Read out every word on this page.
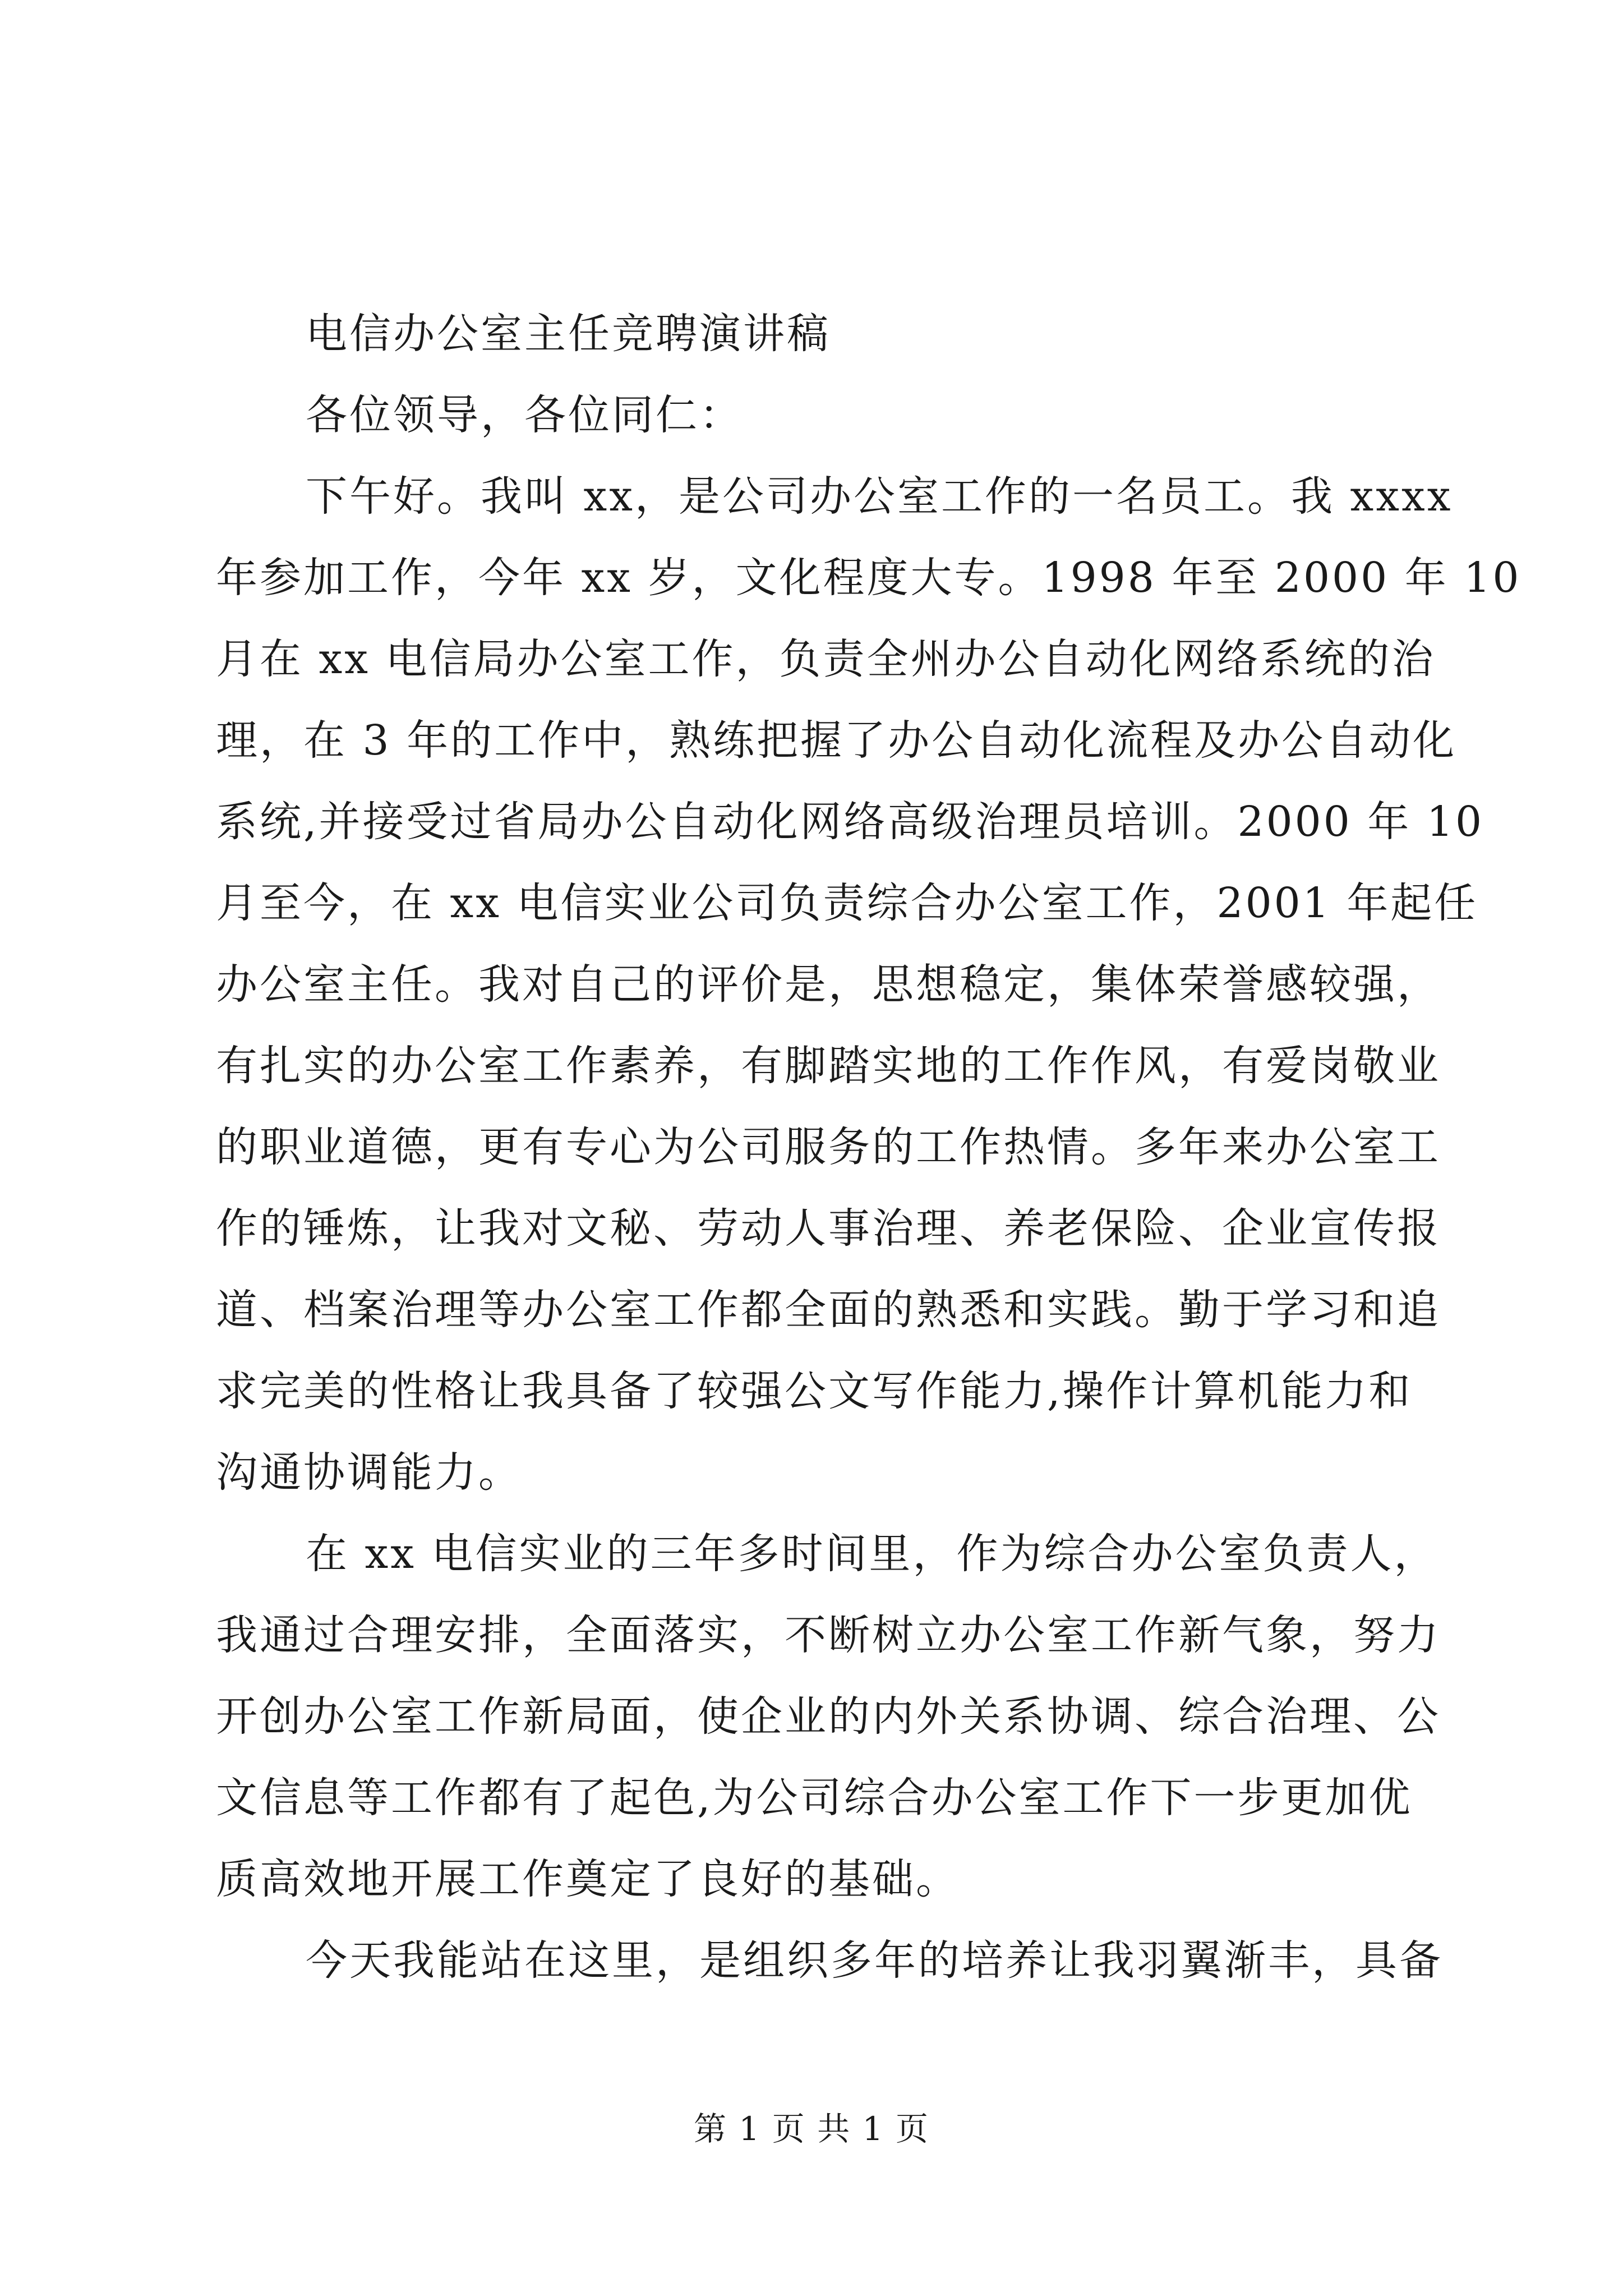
电信办公室主任竞聘演讲稿
各位领导，各位同仁：
下午好。我叫 xx，是公司办公室工作的一名员工。我 xxxx
年参加工作，今年 xx 岁，文化程度大专。1998 年至 2000 年 10
月在 xx 电信局办公室工作，负责全州办公自动化网络系统的治
理，在 3 年的工作中，熟练把握了办公自动化流程及办公自动化
系统,并接受过省局办公自动化网络高级治理员培训。2000 年 10
月至今，在 xx 电信实业公司负责综合办公室工作，2001 年起任
办公室主任。我对自己的评价是，思想稳定，集体荣誉感较强，
有扎实的办公室工作素养，有脚踏实地的工作作风，有爱岗敬业
的职业道德，更有专心为公司服务的工作热情。多年来办公室工
作的锤炼，让我对文秘、劳动人事治理、养老保险、企业宣传报
道、档案治理等办公室工作都全面的熟悉和实践。勤于学习和追
求完美的性格让我具备了较强公文写作能力,操作计算机能力和
沟通协调能力。
在 xx 电信实业的三年多时间里，作为综合办公室负责人，
我通过合理安排，全面落实，不断树立办公室工作新气象，努力
开创办公室工作新局面，使企业的内外关系协调、综合治理、公
文信息等工作都有了起色,为公司综合办公室工作下一步更加优
质高效地开展工作奠定了良好的基础。
今天我能站在这里，是组织多年的培养让我羽翼渐丰，具备
第 1 页 共 1 页
